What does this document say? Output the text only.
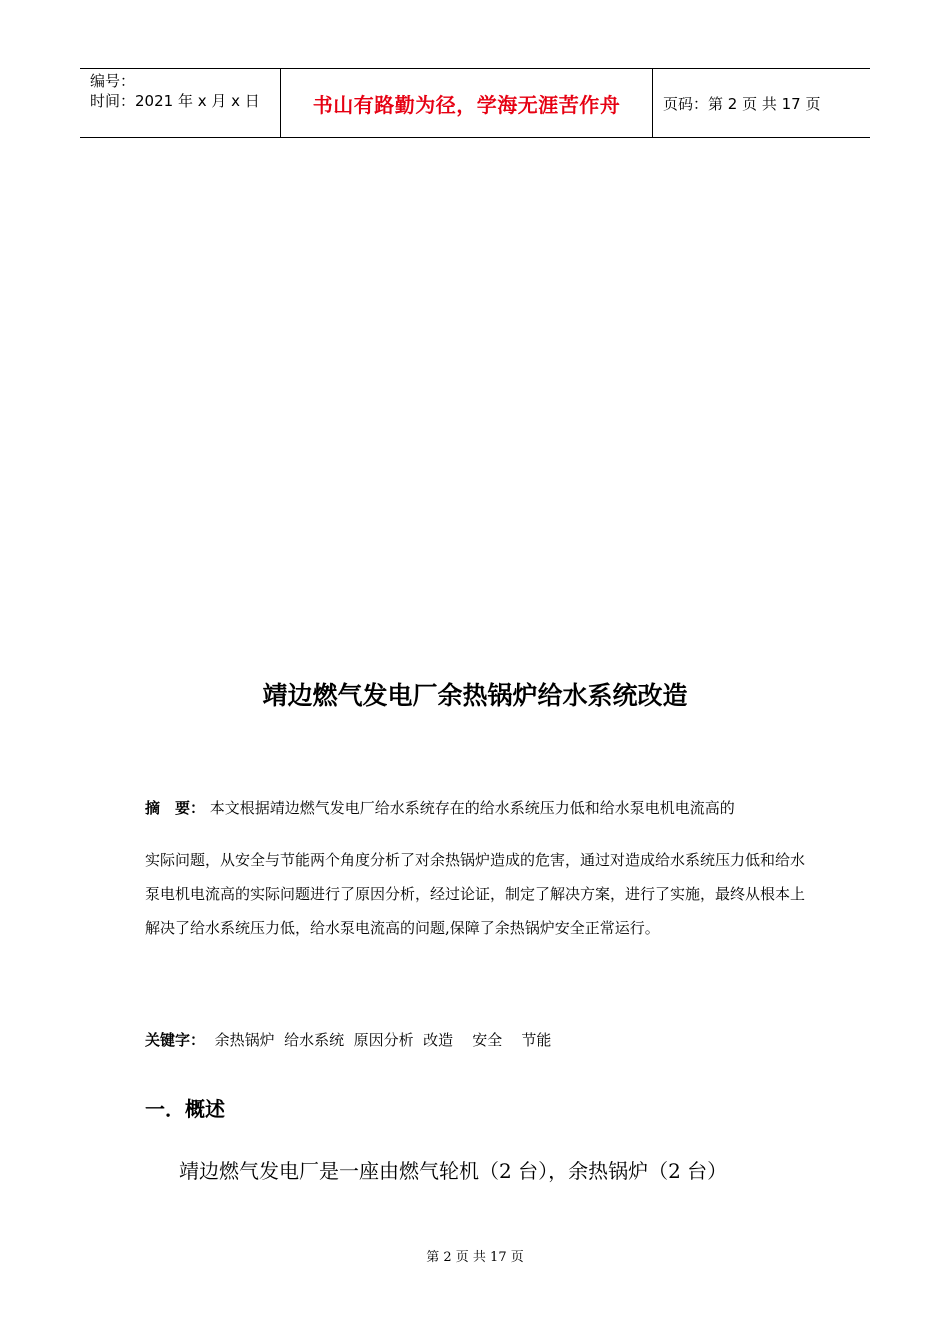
编号：
时间：2021 年 x 月 x 日	书山有路勤为径，学海无涯苦作舟	页码：第 2 页 共 17 页
靖边燃气发电厂余热锅炉给水系统改造
摘　要： 本文根据靖边燃气发电厂给水系统存在的给水系统压力低和给水泵电机电流高的
实际问题，从安全与节能两个角度分析了对余热锅炉造成的危害，通过对造成给水系统压力低和给水泵电机电流高的实际问题进行了原因分析，经过论证，制定了解决方案，进行了实施，最终从根本上解决了给水系统压力低，给水泵电流高的问题,保障了余热锅炉安全正常运行。
关键字： 余热锅炉  给水系统  原因分析  改造    安全    节能
一．概述
靖边燃气发电厂是一座由燃气轮机（2 台），余热锅炉（2 台）
第 2 页 共 17 页
